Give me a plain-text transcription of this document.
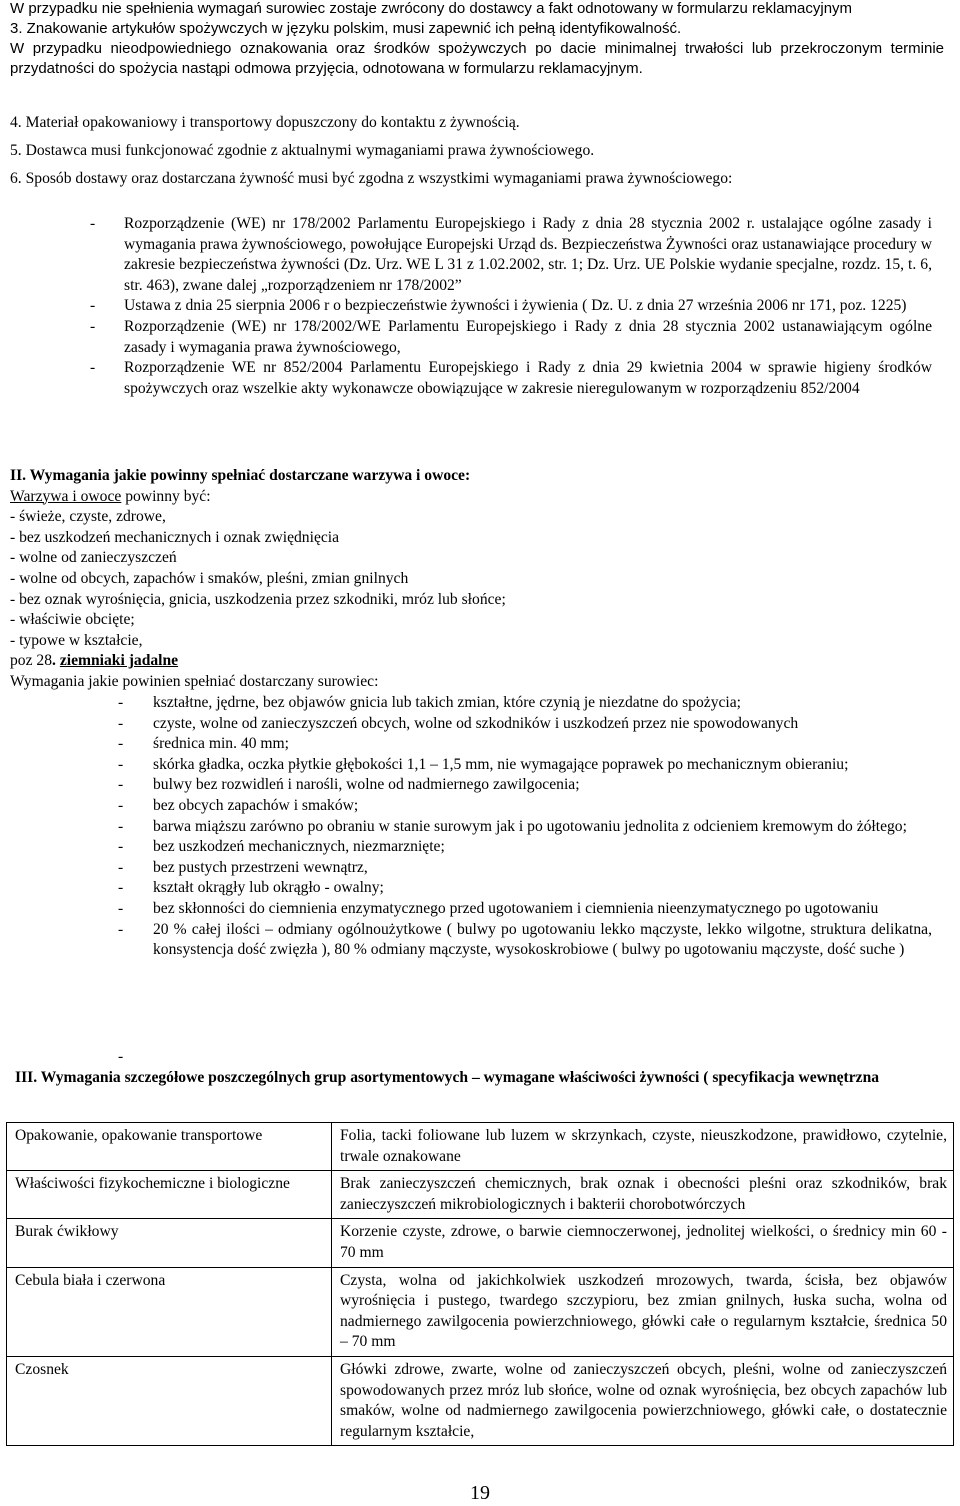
W przypadku nie spełnienia wymagań surowiec zostaje zwrócony do dostawcy a fakt odnotowany w formularzu reklamacyjnym

3. Znakowanie artykułów spożywczych w języku polskim, musi zapewnić ich pełną identyfikowalność.

W przypadku nieodpowiedniego oznakowania oraz środków spożywczych po dacie minimalnej trwałości lub przekroczonym terminie przydatności do spożycia nastąpi odmowa przyjęcia, odnotowana w formularzu reklamacyjnym.

4. Materiał opakowaniowy i transportowy dopuszczony do kontaktu z żywnością.

5. Dostawca musi funkcjonować zgodnie z aktualnymi wymaganiami prawa żywnościowego.

6. Sposób dostawy oraz dostarczana żywność musi być zgodna z wszystkimi wymaganiami prawa żywnościowego:

- Rozporządzenie (WE) nr 178/2002 Parlamentu Europejskiego i Rady z dnia 28 stycznia 2002 r. ustalające ogólne zasady i wymagania prawa żywnościowego, powołujące Europejski Urząd ds. Bezpieczeństwa Żywności oraz ustanawiające procedury w zakresie bezpieczeństwa żywności (Dz. Urz. WE L 31 z 1.02.2002, str. 1; Dz. Urz. UE Polskie wydanie specjalne, rozdz. 15, t. 6, str. 463), zwane dalej „rozporządzeniem nr 178/2002”
- Ustawa z dnia 25 sierpnia 2006 r o bezpieczeństwie żywności i żywienia ( Dz. U. z dnia 27 września 2006 nr 171, poz. 1225)
- Rozporządzenie (WE) nr 178/2002/WE Parlamentu Europejskiego i Rady z dnia 28 stycznia 2002 ustanawiającym ogólne zasady i wymagania prawa żywnościowego,
- Rozporządzenie WE nr 852/2004 Parlamentu Europejskiego i Rady z dnia 29 kwietnia 2004 w sprawie higieny środków spożywczych oraz wszelkie akty wykonawcze obowiązujące w zakresie nieregulowanym w rozporządzeniu 852/2004

II. Wymagania jakie powinny spełniać dostarczane warzywa i owoce:

Warzywa i owoce powinny być:

- świeże, czyste, zdrowe,

- bez uszkodzeń mechanicznych i oznak zwiędnięcia

- wolne od zanieczyszczeń

- wolne od obcych, zapachów i smaków, pleśni, zmian gnilnych

- bez oznak wyrośnięcia, gnicia, uszkodzenia przez szkodniki, mróz lub słońce;

- właściwie obcięte;

- typowe w kształcie,

poz 28. ziemniaki jadalne

Wymagania jakie powinien spełniać dostarczany surowiec:

- kształtne, jędrne, bez objawów gnicia lub takich zmian, które czynią je niezdatne do spożycia;
- czyste, wolne od zanieczyszczeń obcych, wolne od szkodników i uszkodzeń przez nie spowodowanych
- średnica min. 40 mm;
- skórka gładka, oczka płytkie głębokości 1,1 – 1,5 mm, nie wymagające poprawek po mechanicznym obieraniu;
- bulwy bez rozwidleń i narośli, wolne od nadmiernego zawilgocenia;
- bez obcych zapachów i smaków;
- barwa miąższu zarówno po obraniu w stanie surowym jak i po ugotowaniu jednolita z odcieniem kremowym do żółtego;
- bez uszkodzeń mechanicznych, niezmarznięte;
- bez pustych przestrzeni wewnątrz,
- kształt okrągły lub okrągło - owalny;
- bez skłonności do ciemnienia enzymatycznego przed ugotowaniem i ciemnienia nieenzymatycznego po ugotowaniu
- 20 % całej ilości – odmiany ogólnoużytkowe ( bulwy po ugotowaniu lekko mączyste, lekko wilgotne, struktura delikatna, konsystencja dość zwięzła ), 80 % odmiany mączyste, wysokoskrobiowe ( bulwy po ugotowaniu mączyste, dość suche )
-
III. Wymagania szczegółowe poszczególnych grup asortymentowych – wymagane właściwości żywności ( specyfikacja wewnętrzna
Opakowanie, opakowanie transportowe	Folia, tacki foliowane lub luzem w skrzynkach, czyste, nieuszkodzone, prawidłowo, czytelnie, trwale oznakowane
Właściwości fizykochemiczne i biologiczne	Brak zanieczyszczeń chemicznych, brak oznak i obecności pleśni oraz szkodników, brak zanieczyszczeń mikrobiologicznych i bakterii chorobotwórczych
Burak ćwikłowy	Korzenie czyste, zdrowe, o barwie ciemnoczerwonej, jednolitej wielkości, o średnicy min 60 - 70 mm
Cebula biała i czerwona	Czysta, wolna od jakichkolwiek uszkodzeń mrozowych, twarda, ścisła, bez objawów wyrośnięcia i pustego, twardego szczypioru, bez zmian gnilnych, łuska sucha, wolna od nadmiernego zawilgocenia powierzchniowego, główki całe o regularnym kształcie, średnica 50 – 70 mm
Czosnek	Główki zdrowe, zwarte, wolne od zanieczyszczeń obcych, pleśni, wolne od zanieczyszczeń spowodowanych przez mróz lub słońce, wolne od oznak wyrośnięcia, bez obcych zapachów lub smaków, wolne od nadmiernego zawilgocenia powierzchniowego, główki całe, o dostatecznie regularnym kształcie,
19
